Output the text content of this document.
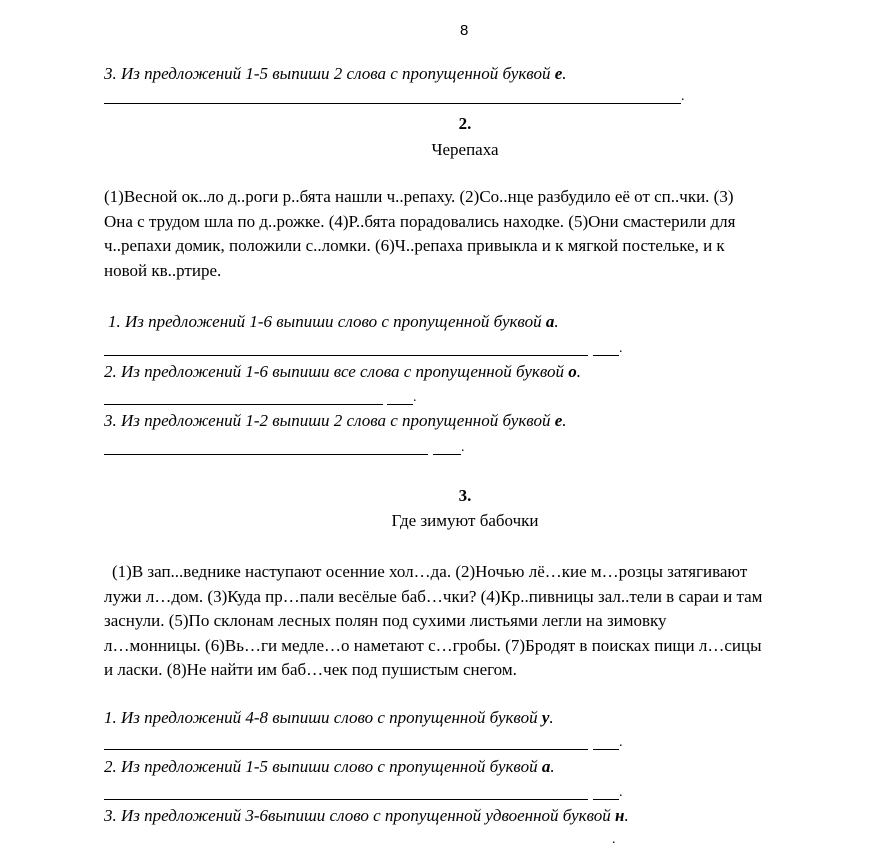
8
3. Из предложений 1-5 выпиши 2 слова с пропущенной буквой е.
.
2.
Черепаха
(1)Весной ок..ло д..роги р..бята нашли ч..репаху. (2)Со..нце разбудило её от сп..чки. (3)
Она с трудом шла по д..рожке. (4)Р..бята порадовались находке. (5)Они смастерили для
ч..репахи домик, положили с..ломки. (6)Ч..репаха привыкла и к мягкой постельке, и к
новой кв..ртире.
1. Из предложений 1-6 выпиши слово с пропущенной буквой а.
.
2. Из предложений 1-6 выпиши все слова с пропущенной буквой о.
.
3. Из предложений 1-2 выпиши 2 слова с пропущенной буквой е.
.
3.
Где зимуют бабочки
(1)В зап...веднике наступают осенние хол…да. (2)Ночью лё…кие м…розцы затягивают
лужи л…дом. (3)Куда пр…пали весёлые баб…чки? (4)Кр..пивницы зал..тели в сараи и там
заснули. (5)По склонам лесных полян под сухими листьями легли на зимовку
л…монницы. (6)Вь…ги медле…о наметают с…гробы. (7)Бродят в поисках пищи л…сицы
и ласки. (8)Не найти им баб…чек под пушистым снегом.
1. Из предложений 4-8 выпиши слово с пропущенной буквой у.
.
2. Из предложений 1-5 выпиши слово с пропущенной буквой а.
.
3. Из предложений 3-6выпиши слово с пропущенной удвоенной буквой н.
.
